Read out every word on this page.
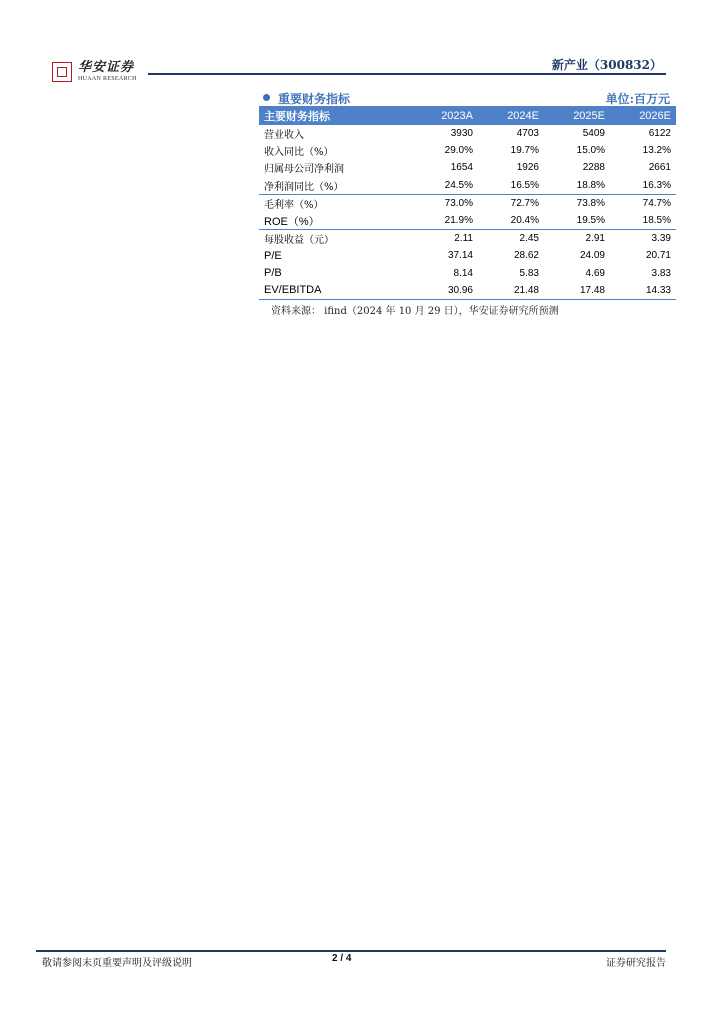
华安证券
HUAAN RESEARCH
新产业（300832）
重要财务指标	单位:百万元
主要财务指标	2023A	2024E	2025E	2026E
营业收入	3930	4703	5409	6122
收入同比（%）	29.0%	19.7%	15.0%	13.2%
归属母公司净利润	1654	1926	2288	2661
净利润同比（%）	24.5%	16.5%	18.8%	16.3%
毛利率（%）	73.0%	72.7%	73.8%	74.7%
ROE（%）	21.9%	20.4%	19.5%	18.5%
每股收益（元）	2.11	2.45	2.91	3.39
P/E	37.14	28.62	24.09	20.71
P/B	8.14	5.83	4.69	3.83
EV/EBITDA	30.96	21.48	17.48	14.33
资料来源： ifind（2024 年 10 月 29 日），华安证券研究所预测
敬请参阅末页重要声明及评级说明	2 / 4	证券研究报告
